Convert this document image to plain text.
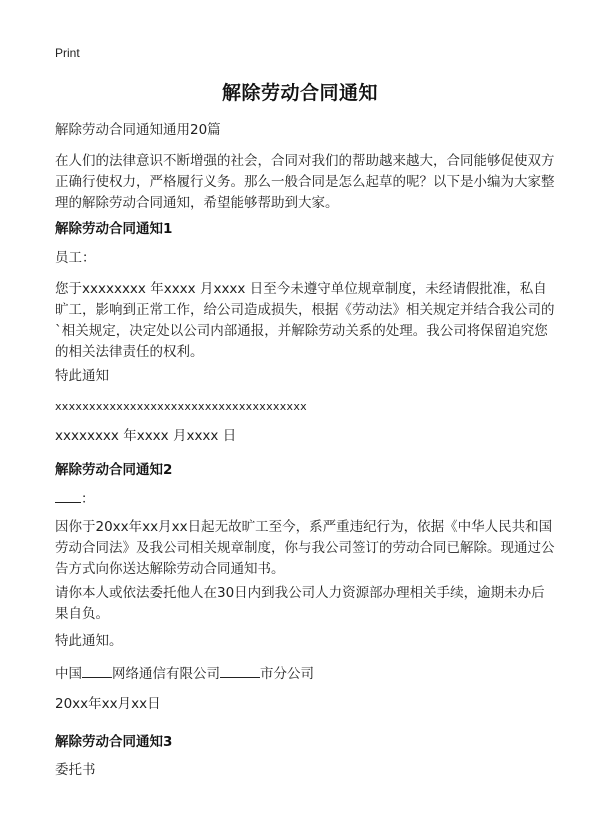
Print
解除劳动合同通知

解除劳动合同通知通用20篇

在人们的法律意识不断增强的社会，合同对我们的帮助越来越大，合同能够促使双方正确行使权力，严格履行义务。那么一般合同是怎么起草的呢？以下是小编为大家整理的解除劳动合同通知，希望能够帮助到大家。

解除劳动合同通知1

员工：

您于xxxxxxxx 年xxxx 月xxxx 日至今未遵守单位规章制度，未经请假批准，私自旷工，影响到正常工作，给公司造成损失，根据《劳动法》相关规定并结合我公司的`相关规定，决定处以公司内部通报，并解除劳动关系的处理。我公司将保留追究您的相关法律责任的权利。

特此通知

xxxxxxxxxxxxxxxxxxxxxxxxxxxxxxxxxxxxx

xxxxxxxx 年xxxx 月xxxx 日

解除劳动合同通知2

：

因你于20xx年xx月xx日起无故旷工至今，系严重违纪行为，依据《中华人民共和国劳动合同法》及我公司相关规章制度，你与我公司签订的劳动合同已解除。现通过公告方式向你送达解除劳动合同通知书。

请你本人或依法委托他人在30日内到我公司人力资源部办理相关手续，逾期未办后果自负。

特此通知。

中国 网络通信有限公司	市分公司

20xx年xx月xx日

解除劳动合同通知3

委托书
